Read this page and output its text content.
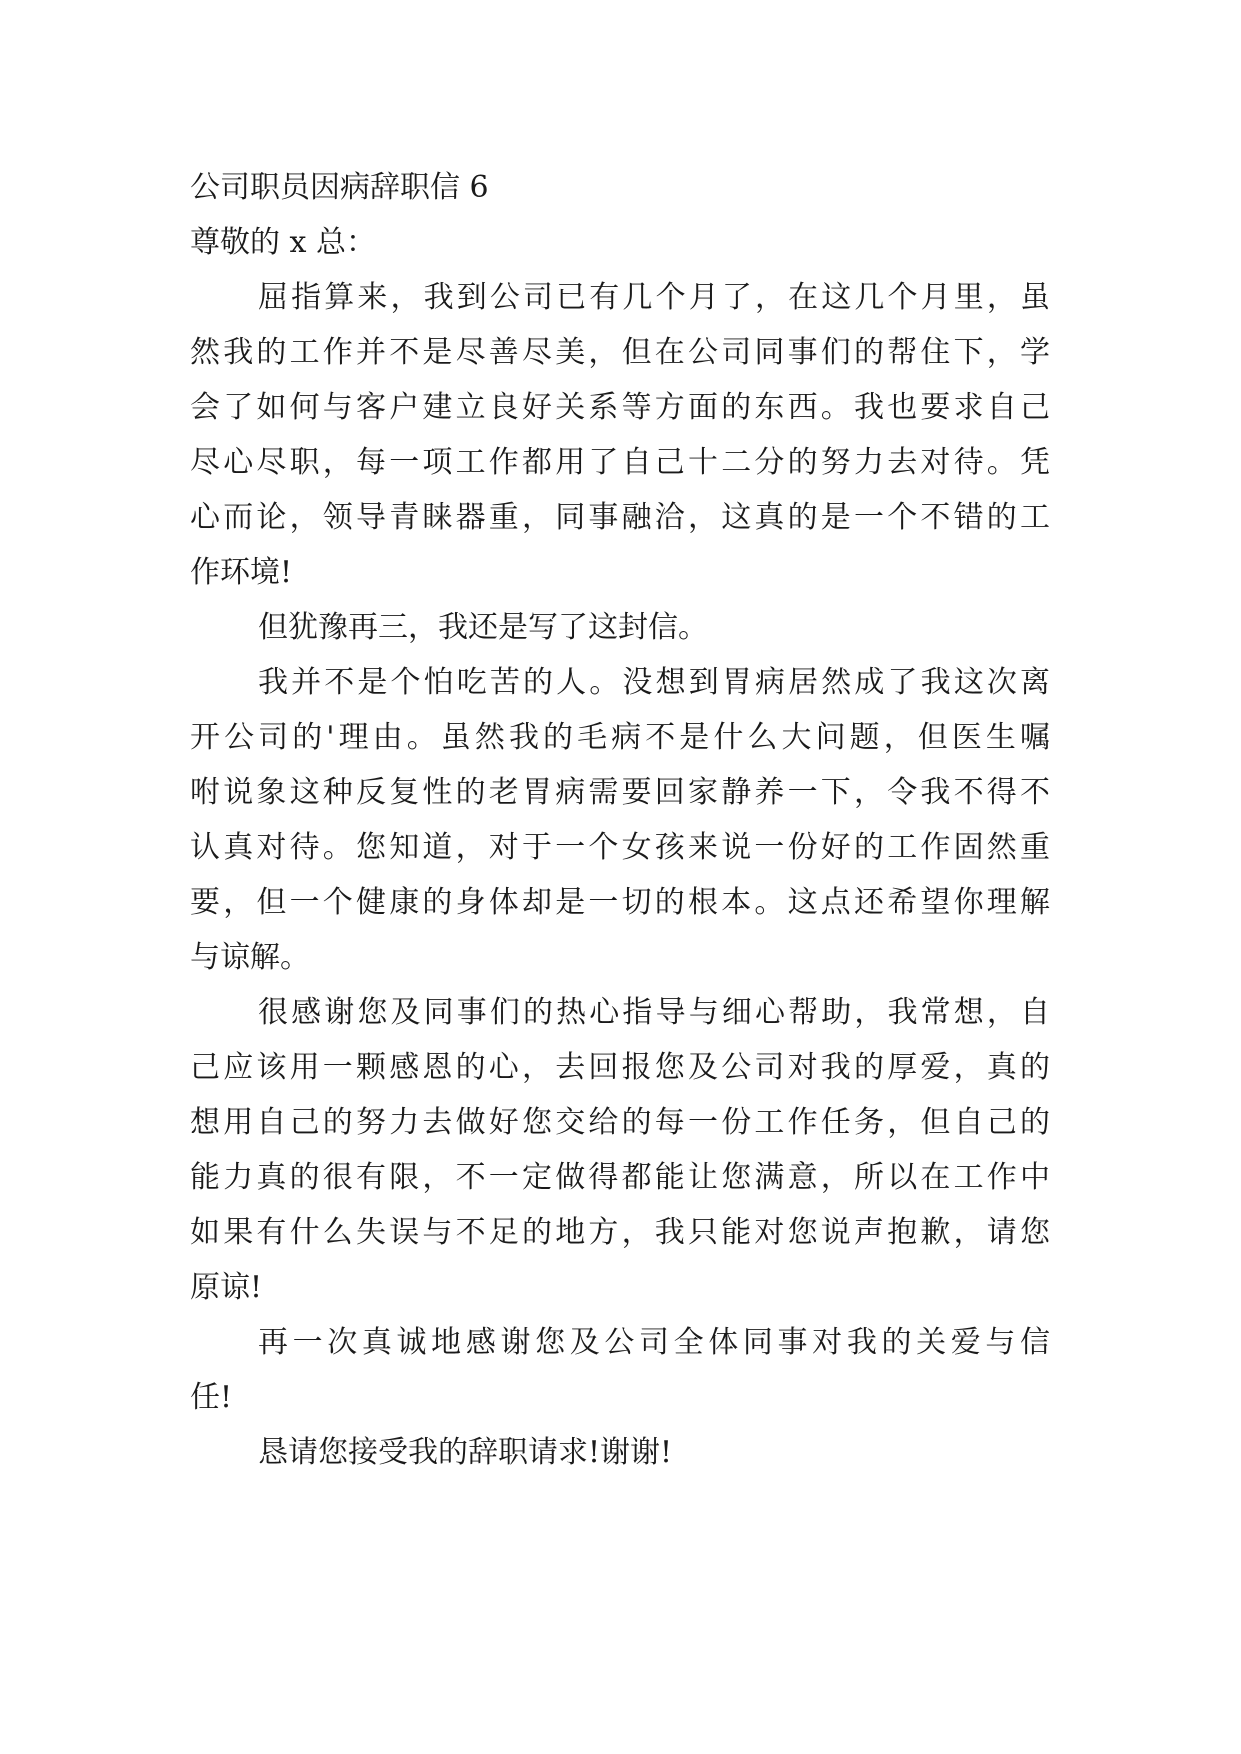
公司职员因病辞职信 6
尊敬的 x 总：
屈指算来，我到公司已有几个月了，在这几个月里，虽
然我的工作并不是尽善尽美，但在公司同事们的帮住下，学
会了如何与客户建立良好关系等方面的东西。我也要求自己
尽心尽职，每一项工作都用了自己十二分的努力去对待。凭
心而论，领导青睐器重，同事融洽，这真的是一个不错的工
作环境!
但犹豫再三，我还是写了这封信。
我并不是个怕吃苦的人。没想到胃病居然成了我这次离
开公司的'理由。虽然我的毛病不是什么大问题，但医生嘱
咐说象这种反复性的老胃病需要回家静养一下，令我不得不
认真对待。您知道，对于一个女孩来说一份好的工作固然重
要，但一个健康的身体却是一切的根本。这点还希望你理解
与谅解。
很感谢您及同事们的热心指导与细心帮助，我常想，自
己应该用一颗感恩的心，去回报您及公司对我的厚爱，真的
想用自己的努力去做好您交给的每一份工作任务，但自己的
能力真的很有限，不一定做得都能让您满意，所以在工作中
如果有什么失误与不足的地方，我只能对您说声抱歉，请您
原谅!
再一次真诚地感谢您及公司全体同事对我的关爱与信
任!
恳请您接受我的辞职请求!谢谢!
